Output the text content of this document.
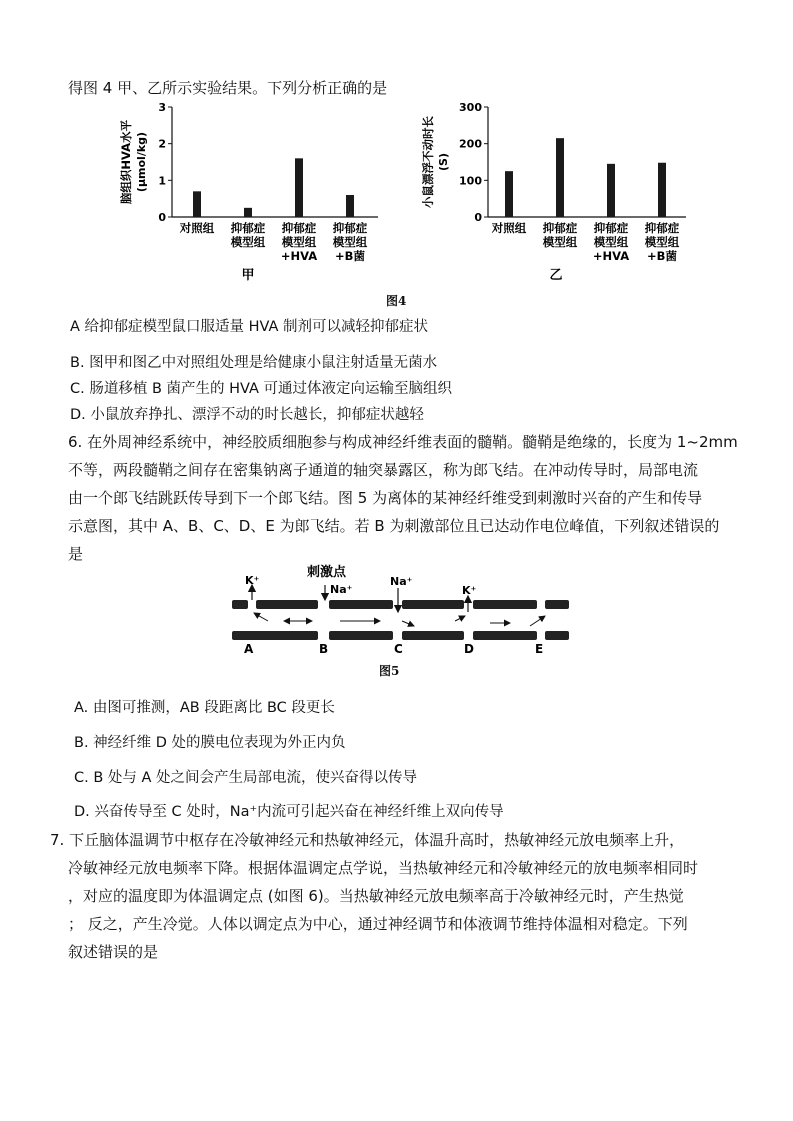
得图 4 甲、乙所示实验结果。下列分析正确的是
0
1
2
3
对照组 抑郁症
模型组
抑郁症
模型组
+HVA
抑郁症
模型组
+B菌
脑组织HVA水平 (μmol/kg)
甲
0
100
200
300
对照组 抑郁症
模型组
抑郁症
模型组
+HVA
抑郁症
模型组
+B菌
小鼠漂浮不动时长 (S)
乙
图4
A 给抑郁症模型鼠口服适量 HVA 制剂可以减轻抑郁症状
B. 图甲和图乙中对照组处理是给健康小鼠注射适量无菌水
C. 肠道移植 B 菌产生的 HVA 可通过体液定向运输至脑组织
D. 小鼠放弃挣扎、漂浮不动的时长越长，抑郁症状越轻

6. 在外周神经系统中，神经胶质细胞参与构成神经纤维表面的髓鞘。髓鞘是绝缘的，长度为 1~2mm

不等，两段髓鞘之间存在密集钠离子通道的轴突暴露区，称为郎飞结。在冲动传导时，局部电流

由一个郎飞结跳跃传导到下一个郎飞结。图 5 为离体的某神经纤维受到刺激时兴奋的产生和传导

示意图，其中 A、B、C、D、E 为郎飞结。若 B 为刺激部位且已达动作电位峰值，下列叙述错误的

是

刺激点
K⁺
Na⁺
Na⁺
K⁺
A	B	C	D	E
图5
A. 由图可推测，AB 段距离比 BC 段更长
B. 神经纤维 D 处的膜电位表现为外正内负
C. B 处与 A 处之间会产生局部电流，使兴奋得以传导
D. 兴奋传导至 C 处时，Na⁺内流可引起兴奋在神经纤维上双向传导

7. 下丘脑体温调节中枢存在冷敏神经元和热敏神经元，体温升高时，热敏神经元放电频率上升，

冷敏神经元放电频率下降。根据体温调定点学说，当热敏神经元和冷敏神经元的放电频率相同时

，对应的温度即为体温调定点 (如图 6)。当热敏神经元放电频率高于冷敏神经元时，产生热觉

； 反之，产生冷觉。人体以调定点为中心，通过神经调节和体液调节维持体温相对稳定。下列

叙述错误的是
